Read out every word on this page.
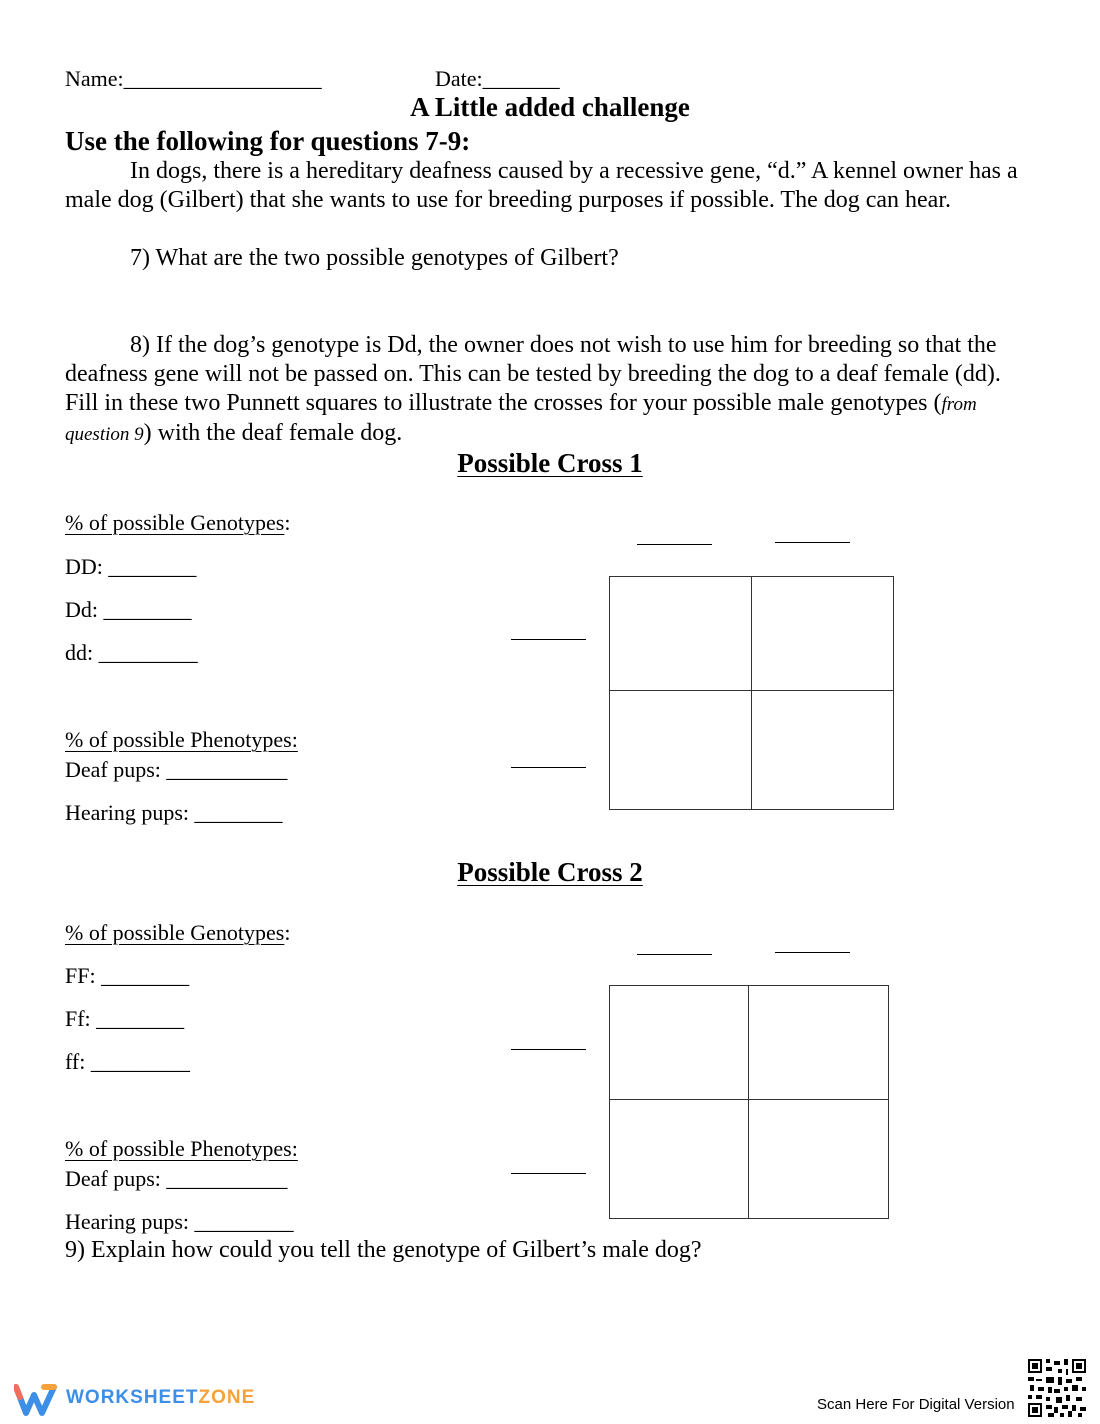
Name:__________________	Date:_______
A Little added challenge
Use the following for questions 7-9:
In dogs, there is a hereditary deafness caused by a recessive gene, “d.” A kennel owner has a male dog (Gilbert) that she wants to use for breeding purposes if possible. The dog can hear.
7) What are the two possible genotypes of Gilbert?
8) If the dog’s genotype is Dd, the owner does not wish to use him for breeding so that the deafness gene will not be passed on. This can be tested by breeding the dog to a deaf female (dd). Fill in these two Punnett squares to illustrate the crosses for your possible male genotypes (from question 9) with the deaf female dog.
Possible Cross 1
% of possible Genotypes:
DD: ________
Dd: ________
dd: _________
% of possible Phenotypes:
Deaf pups: ___________
Hearing pups: ________
Possible Cross 2
% of possible Genotypes:
FF: ________
Ff: ________
ff: _________
% of possible Phenotypes:
Deaf pups: ___________
Hearing pups: _________
9) Explain how could you tell the genotype of Gilbert’s male dog?
WORKSHEETZONE	Scan Here For Digital Version
